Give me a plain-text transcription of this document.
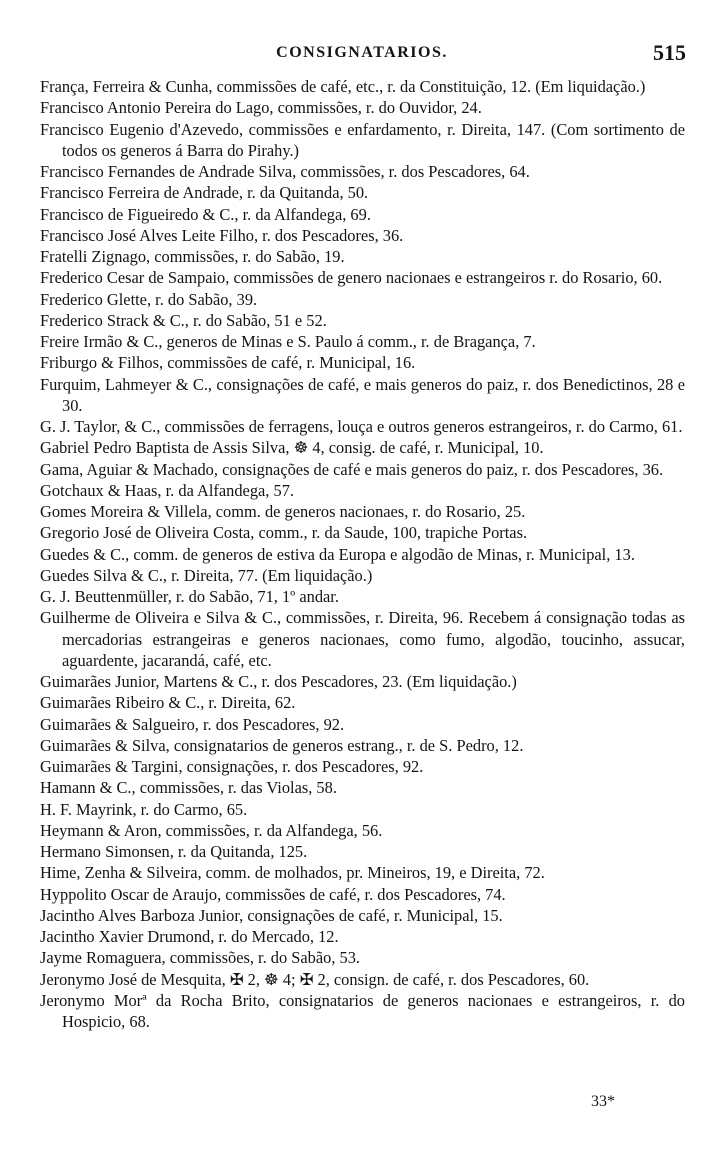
CONSIGNATARIOS.	515

França, Ferreira & Cunha, commissões de café, etc., r. da Constituição, 12. (Em liquidação.)

Francisco Antonio Pereira do Lago, commissões, r. do Ouvidor, 24.

Francisco Eugenio d'Azevedo, commissões e enfardamento, r. Direita, 147. (Com sortimento de todos os generos á Barra do Pirahy.)

Francisco Fernandes de Andrade Silva, commissões, r. dos Pescadores, 64.

Francisco Ferreira de Andrade, r. da Quitanda, 50.

Francisco de Figueiredo & C., r. da Alfandega, 69.

Francisco José Alves Leite Filho, r. dos Pescadores, 36.

Fratelli Zignago, commissões, r. do Sabão, 19.

Frederico Cesar de Sampaio, commissões de genero nacionaes e estrangeiros r. do Rosario, 60.

Frederico Glette, r. do Sabão, 39.

Frederico Strack & C., r. do Sabão, 51 e 52.

Freire Irmão & C., generos de Minas e S. Paulo á comm., r. de Bragança, 7.

Friburgo & Filhos, commissões de café, r. Municipal, 16.

Furquim, Lahmeyer & C., consignações de café, e mais generos do paiz, r. dos Benedictinos, 28 e 30.

G. J. Taylor, & C., commissões de ferragens, louça e outros generos estrangeiros, r. do Carmo, 61.

Gabriel Pedro Baptista de Assis Silva, ☸ 4, consig. de café, r. Municipal, 10.

Gama, Aguiar & Machado, consignações de café e mais generos do paiz, r. dos Pescadores, 36.

Gotchaux & Haas, r. da Alfandega, 57.

Gomes Moreira & Villela, comm. de generos nacionaes, r. do Rosario, 25.

Gregorio José de Oliveira Costa, comm., r. da Saude, 100, trapiche Portas.

Guedes & C., comm. de generos de estiva da Europa e algodão de Minas, r. Municipal, 13.

Guedes Silva & C., r. Direita, 77. (Em liquidação.)

G. J. Beuttenmüller, r. do Sabão, 71, 1º andar.

Guilherme de Oliveira e Silva & C., commissões, r. Direita, 96. Recebem á consignação todas as mercadorias estrangeiras e generos nacionaes, como fumo, algodão, toucinho, assucar, aguardente, jacarandá, café, etc.

Guimarães Junior, Martens & C., r. dos Pescadores, 23. (Em liquidação.)

Guimarães Ribeiro & C., r. Direita, 62.

Guimarães & Salgueiro, r. dos Pescadores, 92.

Guimarães & Silva, consignatarios de generos estrang., r. de S. Pedro, 12.

Guimarães & Targini, consignações, r. dos Pescadores, 92.

Hamann & C., commissões, r. das Violas, 58.

H. F. Mayrink, r. do Carmo, 65.

Heymann & Aron, commissões, r. da Alfandega, 56.

Hermano Simonsen, r. da Quitanda, 125.

Hime, Zenha & Silveira, comm. de molhados, pr. Mineiros, 19, e Direita, 72.

Hyppolito Oscar de Araujo, commissões de café, r. dos Pescadores, 74.

Jacintho Alves Barboza Junior, consignações de café, r. Municipal, 15.

Jacintho Xavier Drumond, r. do Mercado, 12.

Jayme Romaguera, commissões, r. do Sabão, 53.

Jeronymo José de Mesquita, ✠ 2, ☸ 4; ✠ 2, consign. de café, r. dos Pescadores, 60.

Jeronymo Morª da Rocha Brito, consignatarios de generos nacionaes e estrangeiros, r. do Hospicio, 68.

33*
